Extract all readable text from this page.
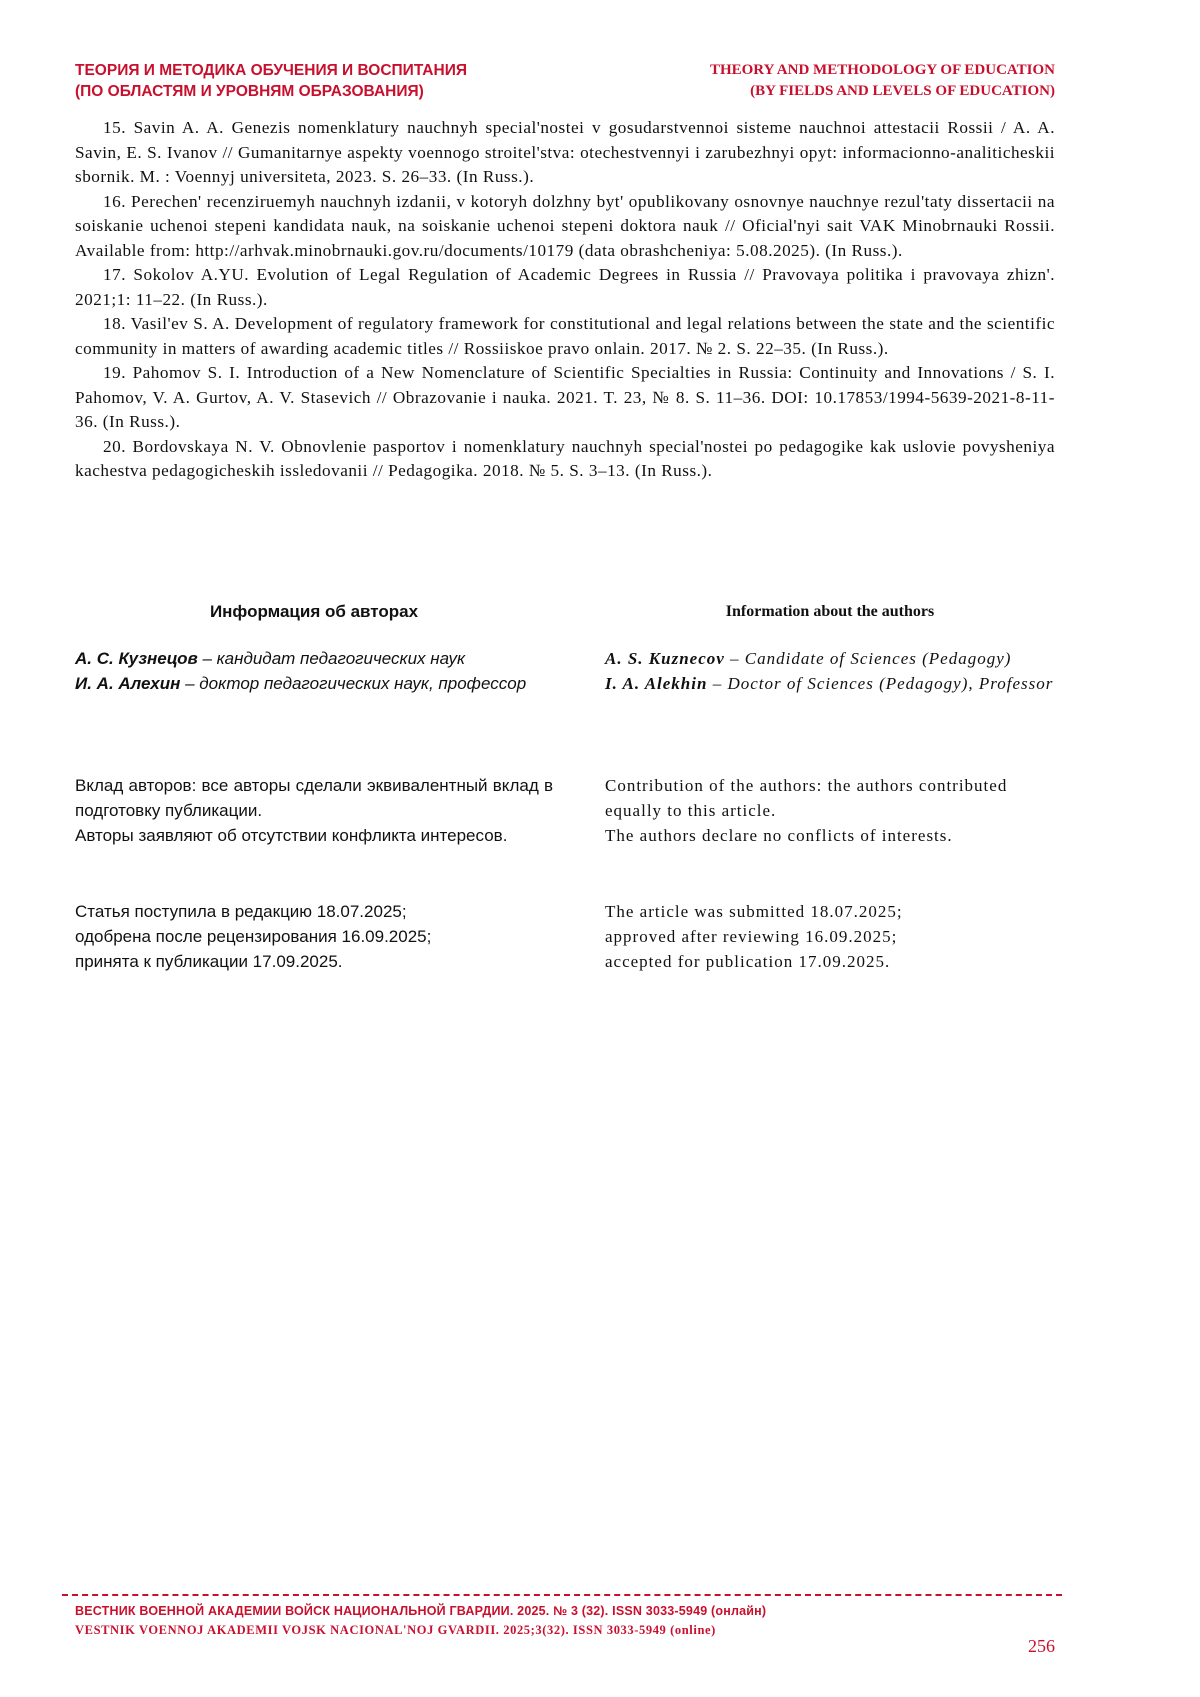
ТЕОРИЯ И МЕТОДИКА ОБУЧЕНИЯ И ВОСПИТАНИЯ
(ПО ОБЛАСТЯМ И УРОВНЯМ ОБРАЗОВАНИЯ)
THEORY AND METHODOLOGY OF EDUCATION
(BY FIELDS AND LEVELS OF EDUCATION)

15. Savin A. A. Genezis nomenklatury nauchnyh special'nostei v gosudarstvennoi sisteme nauchnoi attestacii Rossii / A. A. Savin, E. S. Ivanov // Gumanitarnye aspekty voennogo stroitel'stva: otechestvennyi i zarubezhnyi opyt: informacionno-analiticheskii sbornik. M. : Voennyj universiteta, 2023. S. 26–33. (In Russ.).

16. Perechen' recenziruemyh nauchnyh izdanii, v kotoryh dolzhny byt' opublikovany osnovnye nauchnye rezul'taty dissertacii na soiskanie uchenoi stepeni kandidata nauk, na soiskanie uchenoi stepeni doktora nauk // Oficial'nyi sait VAK Minobrnauki Rossii. Available from: http://arhvak.minobrnauki.gov.ru/documents/10179 (data obrashcheniya: 5.08.2025). (In Russ.).

17. Sokolov A.YU. Evolution of Legal Regulation of Academic Degrees in Russia // Pravovaya politika i pravovaya zhizn'. 2021;1: 11–22. (In Russ.).

18. Vasil'ev S. A. Development of regulatory framework for constitutional and legal relations between the state and the scientific community in matters of awarding academic titles // Rossiiskoe pravo onlain. 2017. № 2. S. 22–35. (In Russ.).

19. Pahomov S. I. Introduction of a New Nomenclature of Scientific Specialties in Russia: Continuity and Innovations / S. I. Pahomov, V. A. Gurtov, A. V. Stasevich // Obrazovanie i nauka. 2021. T. 23, № 8. S. 11–36. DOI: 10.17853/1994-5639-2021-8-11-36. (In Russ.).

20. Bordovskaya N. V. Obnovlenie pasportov i nomenklatury nauchnyh special'nostei po pedagogike kak uslovie povysheniya kachestva pedagogicheskih issledovanii // Pedagogika. 2018. № 5. S. 3–13. (In Russ.).

Информация об авторах	Information about the authors

А. С. Кузнецов – кандидат педагогических наук

И. А. Алехин – доктор педагогических наук, профессор

A. S. Kuznecov – Candidate of Sciences (Pedagogy)

I. A. Alekhin – Doctor of Sciences (Pedagogy), Professor

Вклад авторов: все авторы сделали эквивалентный вклад в подготовку публикации.

Авторы заявляют об отсутствии конфликта интересов.

Contribution of the authors: the authors contributed equally to this article.

The authors declare no conflicts of interests.

Статья поступила в редакцию 18.07.2025;

одобрена после рецензирования 16.09.2025;

принята к публикации 17.09.2025.

The article was submitted 18.07.2025;

approved after reviewing 16.09.2025;

accepted for publication 17.09.2025.

ВЕСТНИК ВОЕННОЙ АКАДЕМИИ ВОЙСК НАЦИОНАЛЬНОЙ ГВАРДИИ. 2025. № 3 (32). ISSN 3033-5949 (онлайн)
VESTNIK VOENNOJ AKADEMII VOJSK NACIONAL'NOJ GVARDII. 2025;3(32). ISSN 3033-5949 (online)
256
